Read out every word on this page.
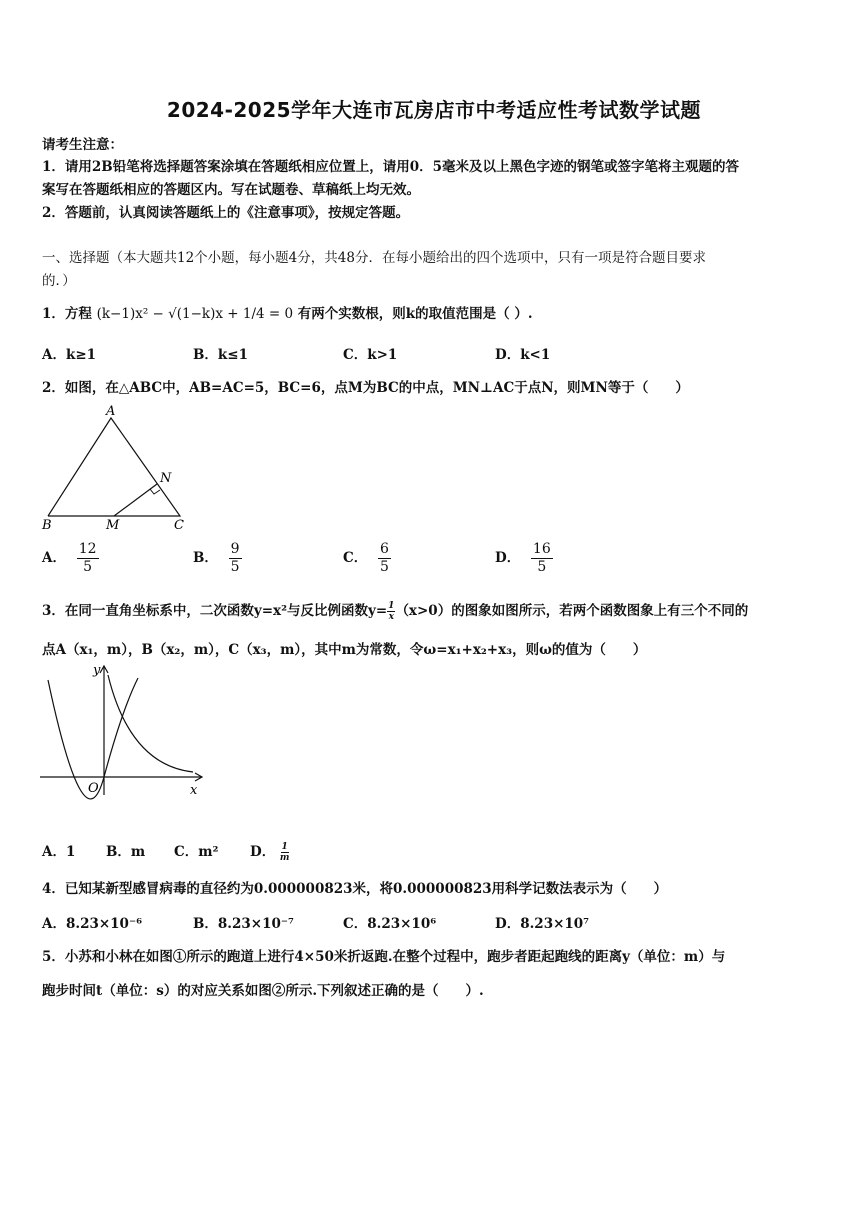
2024-2025学年大连市瓦房店市中考适应性考试数学试题
请考生注意：
1．请用2B铅笔将选择题答案涂填在答题纸相应位置上，请用0．5毫米及以上黑色字迹的钢笔或签字笔将主观题的答
案写在答题纸相应的答题区内。写在试题卷、草稿纸上均无效。
2．答题前，认真阅读答题纸上的《注意事项》，按规定答题。
一、选择题（本大题共12个小题，每小题4分，共48分．在每小题给出的四个选项中，只有一项是符合题目要求
的．）
1．方程 (k−1)x² − √(1−k)x + 1/4 = 0 有两个实数根，则k的取值范围是（ ）.
A．k≥1	B．k≤1	C．k>1	D．k<1
2．如图，在△ABC中，AB=AC=5，BC=6，点M为BC的中点，MN⊥AC于点N，则MN等于（　　）
A
B	C
M
N
A． $\frac{12}{5}$	B． $\frac{9}{5}$	C． $\frac{6}{5}$	D． $\frac{16}{5}$
3．在同一直角坐标系中，二次函数y=x²与反比例函数$y= \frac{1}{x} (x>0)$的图象如图所示，若两个函数图象上有三个不同的
点A（x₁，m），B（x₂，m），C（x₃，m），其中m为常数，令ω=x₁+x₂+x₃，则ω的值为（　　）
y
x
O
A．1 B．m C．m² D． $\frac{1}{m}$
4．已知某新型感冒病毒的直径约为0.000000823米，将0.000000823用科学记数法表示为（　　）
A．8.23×10⁻⁶	B．8.23×10⁻⁷	C．8.23×10⁶	D．8.23×10⁷
5．小苏和小林在如图①所示的跑道上进行4×50米折返跑.在整个过程中，跑步者距起跑线的距离y（单位：m）与
跑步时间t（单位：s）的对应关系如图②所示.下列叙述正确的是（　　）.
